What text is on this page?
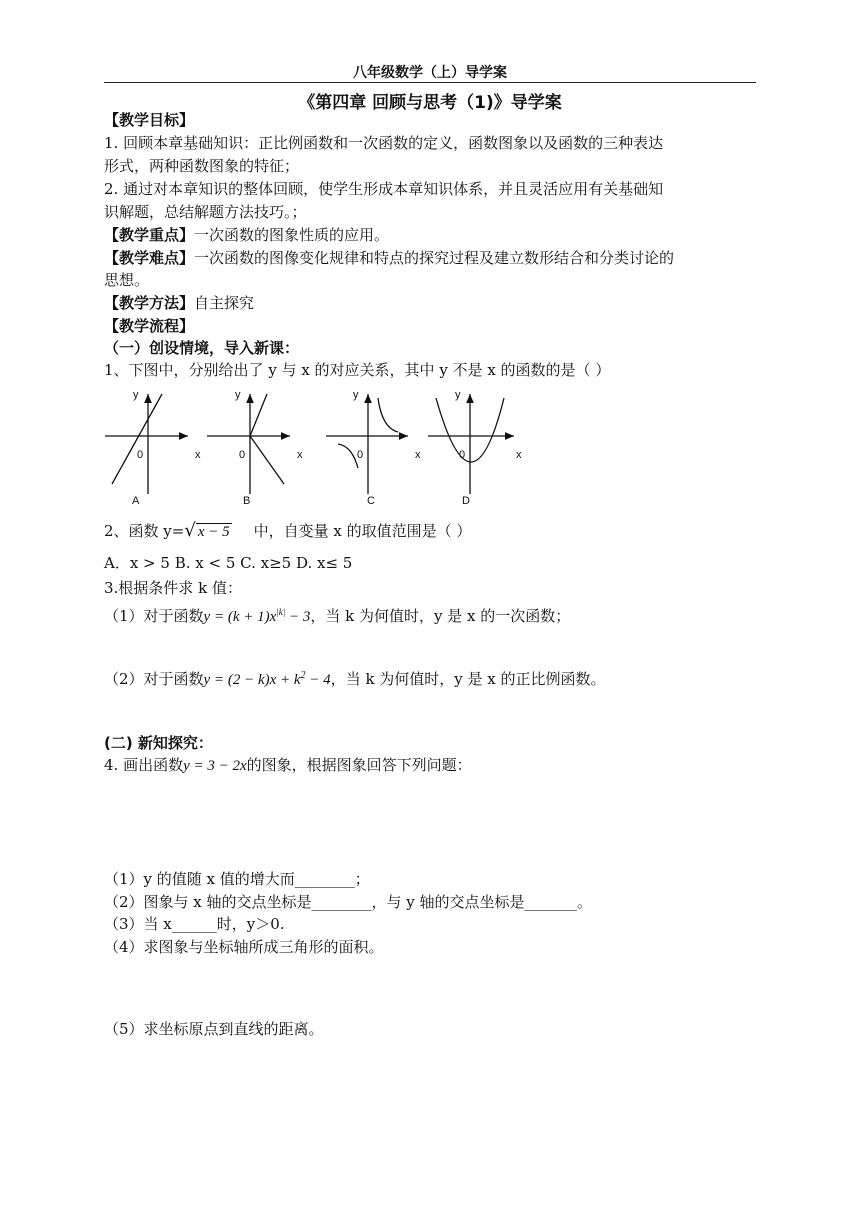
八年级数学（上）导学案
《第四章 回顾与思考（1)》导学案
【教学目标】
1. 回顾本章基础知识：正比例函数和一次函数的定义，函数图象以及函数的三种表达
形式，两种函数图象的特征；
2. 通过对本章知识的整体回顾，使学生形成本章知识体系，并且灵活应用有关基础知
识解题，总结解题方法技巧。；
【教学重点】一次函数的图象性质的应用。
【教学难点】一次函数的图像变化规律和特点的探究过程及建立数形结合和分类讨论的
思想。
【教学方法】自主探究
【教学流程】
（一）创设情境，导入新课：
1、下图中，分别给出了 y 与 x 的对应关系，其中 y 不是 x 的函数的是（ ）
y
0	x
A
y
0	x
B
y
0	x
C
y
0	x
D
2、函数 y=√ x − 5 中，自变量 x 的取值范围是（ ）
A．x > 5 B. x < 5 C. x≥5 D. x≤ 5
3.根据条件求 k 值：
（1）对于函数$y = (k + 1)x^{|k|} - 3$，当 k 为何值时，y 是 x 的一次函数；
（2）对于函数$y = (2 - k)x + k^2 - 4$，当 k 为何值时，y 是 x 的正比例函数。
(二) 新知探究：
4. 画出函数y = 3 − 2x的图象，根据图象回答下列问题：
（1）y 的值随 x 值的增大而________；
（2）图象与 x 轴的交点坐标是________，与 y 轴的交点坐标是_______。
（3）当 x______时，y＞0.
（4）求图象与坐标轴所成三角形的面积。
（5）求坐标原点到直线的距离。
